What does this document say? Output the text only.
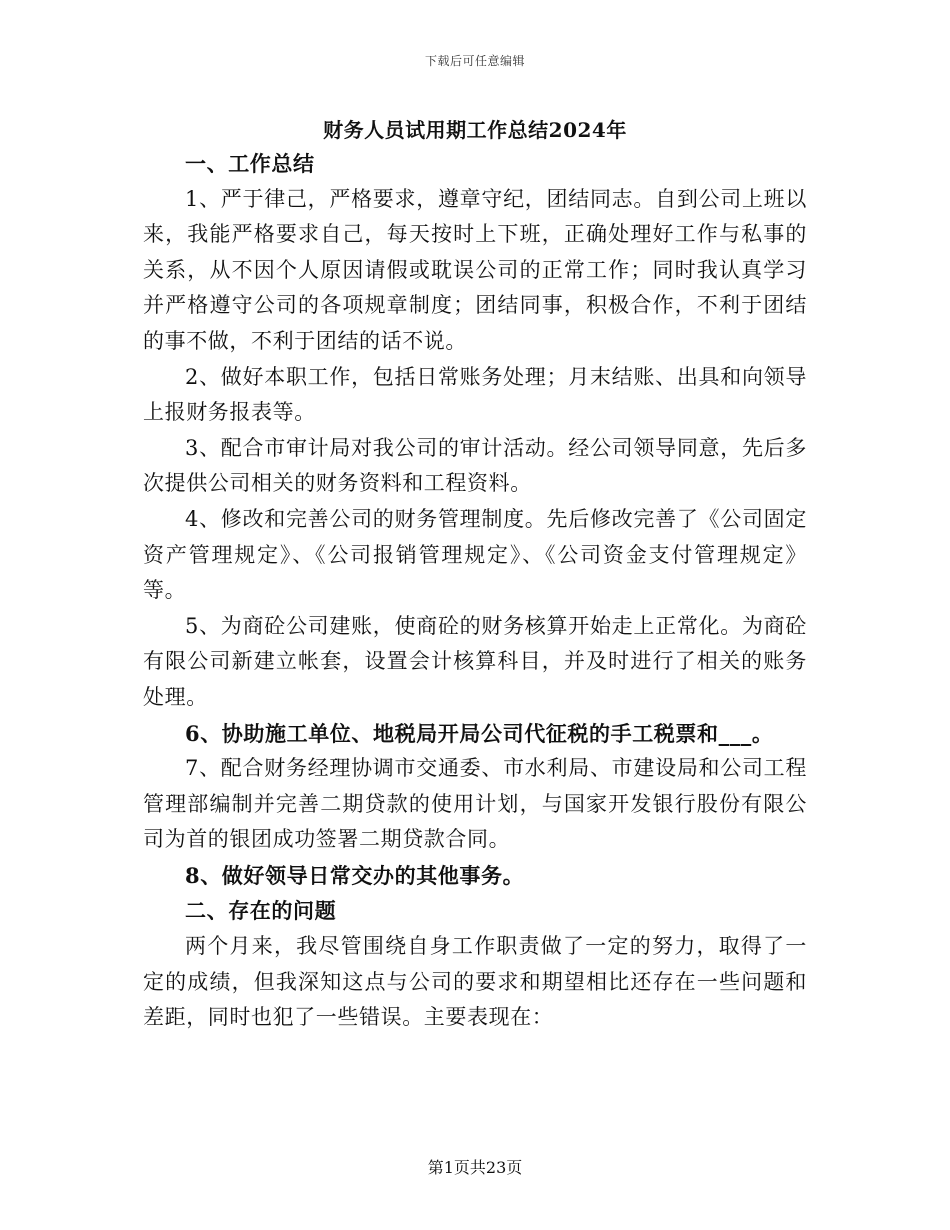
下载后可任意编辑
财务人员试用期工作总结2024年

一、工作总结

1、严于律己，严格要求，遵章守纪，团结同志。自到公司上班以来，我能严格要求自己，每天按时上下班，正确处理好工作与私事的关系，从不因个人原因请假或耽误公司的正常工作；同时我认真学习并严格遵守公司的各项规章制度；团结同事，积极合作，不利于团结的事不做，不利于团结的话不说。

2、做好本职工作，包括日常账务处理；月末结账、出具和向领导上报财务报表等。

3、配合市审计局对我公司的审计活动。经公司领导同意，先后多次提供公司相关的财务资料和工程资料。

4、修改和完善公司的财务管理制度。先后修改完善了《公司固定资产管理规定》、《公司报销管理规定》、《公司资金支付管理规定》等。

5、为商砼公司建账，使商砼的财务核算开始走上正常化。为商砼有限公司新建立帐套，设置会计核算科目，并及时进行了相关的账务处理。

6、协助施工单位、地税局开局公司代征税的手工税票和___。

7、配合财务经理协调市交通委、市水利局、市建设局和公司工程管理部编制并完善二期贷款的使用计划，与国家开发银行股份有限公司为首的银团成功签署二期贷款合同。

8、做好领导日常交办的其他事务。

二、存在的问题

两个月来，我尽管围绕自身工作职责做了一定的努力，取得了一定的成绩，但我深知这点与公司的要求和期望相比还存在一些问题和差距，同时也犯了一些错误。主要表现在：

第1页共23页
